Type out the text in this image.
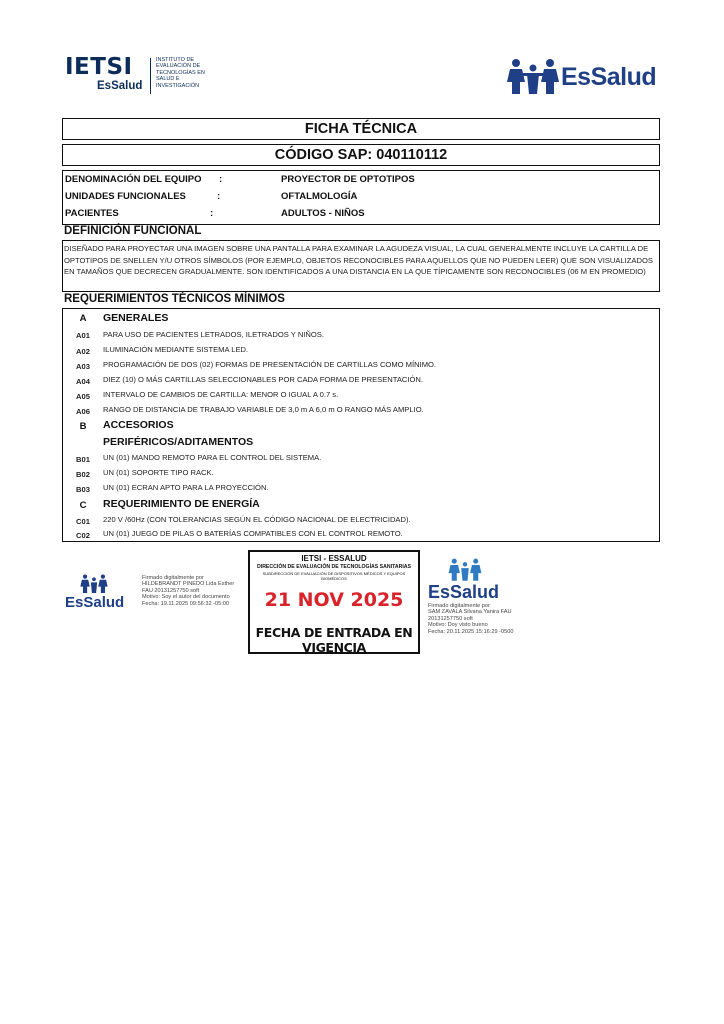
IETSI
EsSalud
INSTITUTO DE EVALUACIÓN DE TECNOLOGÍAS EN SALUD E INVESTIGACIÓN	EsSalud
FICHA TÉCNICA
CÓDIGO SAP: 040110112
DENOMINACIÓN DEL EQUIPO	:	PROYECTOR DE OPTOTIPOS
UNIDADES FUNCIONALES	:	OFTALMOLOGÍA
PACIENTES	:	ADULTOS - NIÑOS
DEFINICIÓN FUNCIONAL
DISEÑADO PARA PROYECTAR UNA IMAGEN SOBRE UNA PANTALLA PARA EXAMINAR LA AGUDEZA VISUAL, LA CUAL GENERALMENTE INCLUYE LA CARTILLA DE OPTOTIPOS DE SNELLEN Y/U OTROS SÍMBOLOS (POR EJEMPLO, OBJETOS RECONOCIBLES PARA AQUELLOS QUE NO PUEDEN LEER) QUE SON VISUALIZADOS EN TAMAÑOS QUE DECRECEN GRADUALMENTE. SON IDENTIFICADOS A UNA DISTANCIA EN LA QUE TÍPICAMENTE SON RECONOCIBLES (06 M EN PROMEDIO)
REQUERIMIENTOS TÉCNICOS MÍNIMOS
A	GENERALES
A01	PARA USO DE PACIENTES LETRADOS, ILETRADOS Y NIÑOS.
A02	ILUMINACIÓN MEDIANTE SISTEMA LED.
A03	PROGRAMACIÓN DE DOS (02) FORMAS DE PRESENTACIÓN DE CARTILLAS COMO MÍNIMO.
A04	DIEZ (10) O MÁS CARTILLAS SELECCIONABLES POR CADA FORMA DE PRESENTACIÓN.
A05	INTERVALO DE CAMBIOS DE CARTILLA: MENOR O IGUAL A 0.7 s.
A06	RANGO DE DISTANCIA DE TRABAJO VARIABLE DE 3,0 m A 6,0 m O RANGO MÁS AMPLIO.
B	ACCESORIOS
PERIFÉRICOS/ADITAMENTOS
B01	UN (01) MANDO REMOTO PARA EL CONTROL DEL SISTEMA.
B02	UN (01) SOPORTE TIPO RACK.
B03	UN (01) ECRAN APTO PARA LA PROYECCIÓN.
C	REQUERIMIENTO DE ENERGÍA
C01	220 V /60Hz (CON TOLERANCIAS SEGÚN EL CÓDIGO NACIONAL DE ELECTRICIDAD).
C02	UN (01) JUEGO DE PILAS O BATERÍAS COMPATIBLES CON EL CONTROL REMOTO.
EsSalud
Firmado digitalmente por
HILDEBRANDT PINEDO Lida Esther
FAU 20131257750 soft
Motivo: Soy el autor del documento
Fecha: 19.11.2025 09:56:32 -05:00
IETSI - ESSALUD
DIRECCIÓN DE EVALUACIÓN DE TECNOLOGÍAS SANITARIAS
SUBDIRECCIÓN DE EVALUACIÓN DE DISPOSITIVOS MÉDICOS Y EQUIPOS BIOMÉDICOS
21 NOV 2025
FECHA DE ENTRADA EN VIGENCIA
EsSalud
Firmado digitalmente por
SAM ZAVALA Silvana Yanira FAU
20131257750 soft
Motivo: Doy visto bueno
Fecha: 20.11.2025 15:16:29 -0500
